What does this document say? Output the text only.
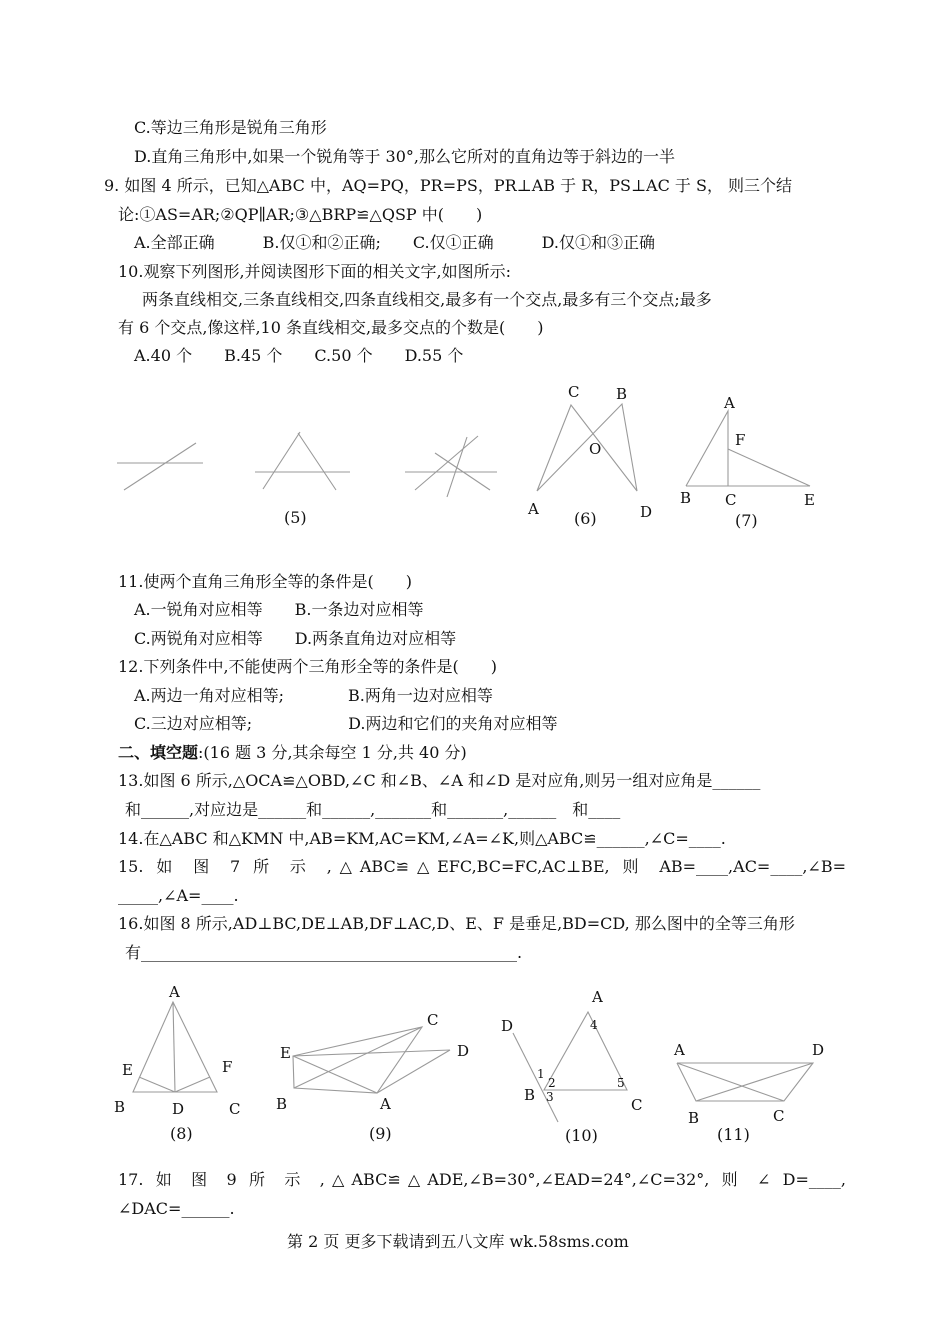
C.等边三角形是锐角三角形
D.直角三角形中,如果一个锐角等于 30°,那么它所对的直角边等于斜边的一半
9. 如图 4 所示，已知△ABC 中，AQ=PQ，PR=PS，PR⊥AB 于 R，PS⊥AC 于 S， 则三个结
论:①AS=AR;②QP∥AR;③△BRP≌△QSP 中(　　)
A.全部正确　　　B.仅①和②正确;　　C.仅①正确　　　D.仅①和③正确
10.观察下列图形,并阅读图形下面的相关文字,如图所示:
两条直线相交,三条直线相交,四条直线相交,最多有一个交点,最多有三个交点;最多
有 6 个交点,像这样,10 条直线相交,最多交点的个数是(　　)
A.40 个　　B.45 个　　C.50 个　　D.55 个
(5)
C B
O
A	D
(6)
A
F
B C	E
(7)
11.使两个直角三角形全等的条件是(　　)
A.一锐角对应相等　　B.一条边对应相等
C.两锐角对应相等　　D.两条直角边对应相等
12.下列条件中,不能使两个三角形全等的条件是(　　)
A.两边一角对应相等;　　　　B.两角一边对应相等
C.三边对应相等;　　　　　　D.两边和它们的夹角对应相等
二、填空题:(16 题 3 分,其余每空 1 分,共 40 分)
13.如图 6 所示,△OCA≌△OBD,∠C 和∠B、∠A 和∠D 是对应角,则另一组对应角是______
和______,对应边是______和______,_______和_______,______　和____
14.在△ABC 和△KMN 中,AB=KM,AC=KM,∠A=∠K,则△ABC≌______,∠C=____.
15. 如 图 7 所 示 ,△ABC≌△EFC,BC=FC,AC⊥BE, 则 AB=____,AC=____,∠B=
_____,∠A=____.
16.如图 8 所示,AD⊥BC,DE⊥AB,DF⊥AC,D、E、F 是垂足,BD=CD, 那么图中的全等三角形
有_______________________________________________.
A
E	F
B	D	C
(8)
C
E	D
B	A
(9)
A
4
D
1
2	5
B 3	C
(10)
A	D
B	C
(11)
17. 如 图 9 所 示 ,△ABC≌△ADE,∠B=30°,∠EAD=24°,∠C=32°, 则 ∠ D=____,
∠DAC=______.
第 2 页 更多下载请到五八文库 wk.58sms.com
